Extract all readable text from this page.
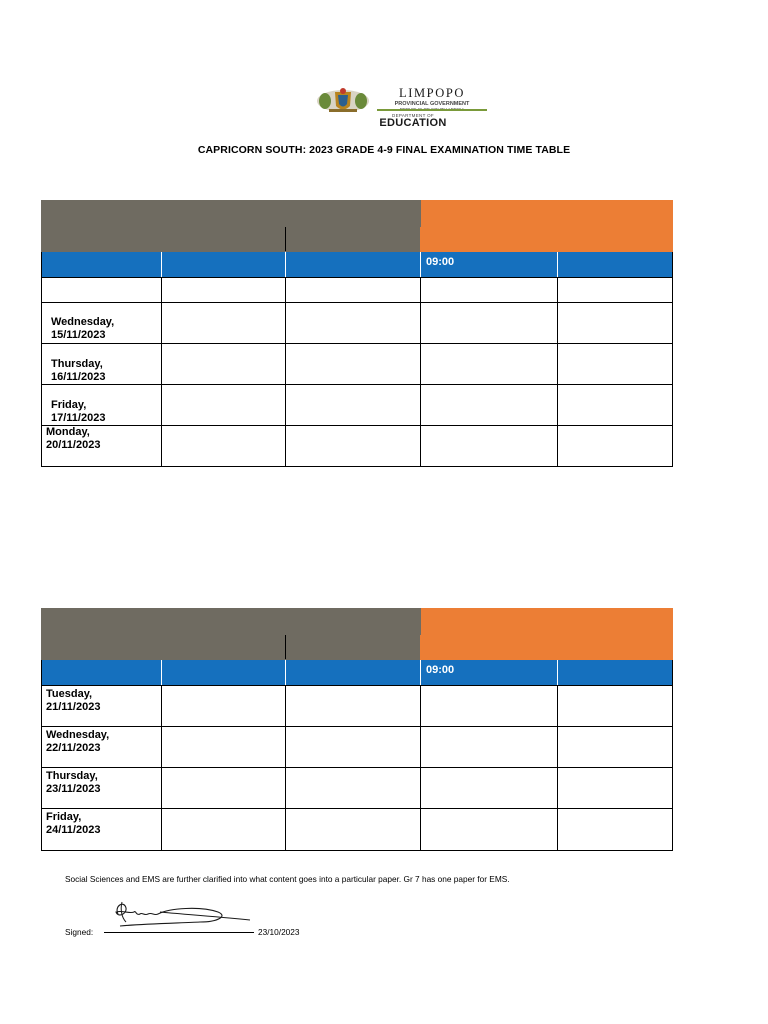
LIMPOPO
PROVINCIAL GOVERNMENT
DEPARTMENT OF
EDUCATION
CAPRICORN SOUTH: 2023 GRADE 4-9 FINAL EXAMINATION TIME TABLE

			09:00	

Wednesday,
15/11/2023				

Thursday,
16/11/2023				

Friday,
17/11/2023				

Monday,
20/11/2023				

			09:00	

Tuesday,
21/11/2023				

Wednesday,
22/11/2023				

Thursday,
23/11/2023				

Friday,
24/11/2023				

Social Sciences and EMS are further clarified into what content goes into a particular paper. Gr 7 has one paper for EMS.
Signed:	23/10/2023
